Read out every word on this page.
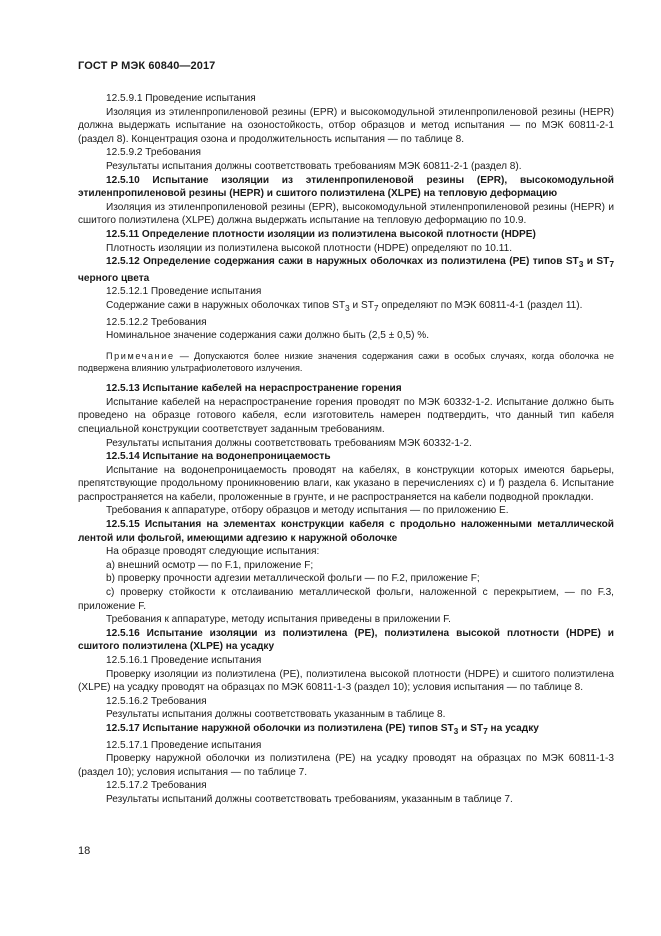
ГОСТ Р МЭК 60840—2017

12.5.9.1 Проведение испытания

Изоляция из этиленпропиленовой резины (EPR) и высокомодульной этиленпропиленовой резины (HEPR) должна выдержать испытание на озоностойкость, отбор образцов и метод испытания — по МЭК 60811-2-1 (раздел 8). Концентрация озона и продолжительность испытания — по таблице 8.

12.5.9.2 Требования

Результаты испытания должны соответствовать требованиям МЭК 60811-2-1 (раздел 8).

12.5.10 Испытание изоляции из этиленпропиленовой резины (EPR), высокомодульной этиленпропиленовой резины (HEPR) и сшитого полиэтилена (XLPE) на тепловую деформацию

Изоляция из этиленпропиленовой резины (EPR), высокомодульной этиленпропиленовой резины (HEPR) и сшитого полиэтилена (XLPE) должна выдержать испытание на тепловую деформацию по 10.9.

12.5.11 Определение плотности изоляции из полиэтилена высокой плотности (HDPE)

Плотность изоляции из полиэтилена высокой плотности (HDPE) определяют по 10.11.

12.5.12 Определение содержания сажи в наружных оболочках из полиэтилена (PE) типов $ST_3$ и $ST_7$ черного цвета

12.5.12.1 Проведение испытания

Содержание сажи в наружных оболочках типов $ST_3$ и $ST_7$ определяют по МЭК 60811-4-1 (раздел 11).

12.5.12.2 Требования

Номинальное значение содержания сажи должно быть (2,5 ± 0,5) %.

Примечание — Допускаются более низкие значения содержания сажи в особых случаях, когда оболочка не подвержена влиянию ультрафиолетового излучения.

12.5.13 Испытание кабелей на нераспространение горения

Испытание кабелей на нераспространение горения проводят по МЭК 60332-1-2. Испытание должно быть проведено на образце готового кабеля, если изготовитель намерен подтвердить, что данный тип кабеля специальной конструкции соответствует заданным требованиям.

Результаты испытания должны соответствовать требованиям МЭК 60332-1-2.

12.5.14 Испытание на водонепроницаемость

Испытание на водонепроницаемость проводят на кабелях, в конструкции которых имеются барьеры, препятствующие продольному проникновению влаги, как указано в перечислениях с) и f) раздела 6. Испытание распространяется на кабели, проложенные в грунте, и не распространяется на кабели подводной прокладки.

Требования к аппаратуре, отбору образцов и методу испытания — по приложению Е.

12.5.15 Испытания на элементах конструкции кабеля с продольно наложенными металлической лентой или фольгой, имеющими адгезию к наружной оболочке

На образце проводят следующие испытания:

a) внешний осмотр — по F.1, приложение F;

b) проверку прочности адгезии металлической фольги — по F.2, приложение F;

c) проверку стойкости к отслаиванию металлической фольги, наложенной с перекрытием, — по F.3, приложение F.

Требования к аппаратуре, методу испытания приведены в приложении F.

12.5.16 Испытание изоляции из полиэтилена (PE), полиэтилена высокой плотности (HDPE) и сшитого полиэтилена (XLPE) на усадку

12.5.16.1 Проведение испытания

Проверку изоляции из полиэтилена (PE), полиэтилена высокой плотности (HDPE) и сшитого полиэтилена (XLPE) на усадку проводят на образцах по МЭК 60811-1-3 (раздел 10); условия испытания — по таблице 8.

12.5.16.2 Требования

Результаты испытания должны соответствовать указанным в таблице 8.

12.5.17 Испытание наружной оболочки из полиэтилена (PE) типов $ST_3$ и $ST_7$ на усадку

12.5.17.1 Проведение испытания

Проверку наружной оболочки из полиэтилена (PE) на усадку проводят на образцах по МЭК 60811-1-3 (раздел 10); условия испытания — по таблице 7.

12.5.17.2 Требования

Результаты испытаний должны соответствовать требованиям, указанным в таблице 7.

18
